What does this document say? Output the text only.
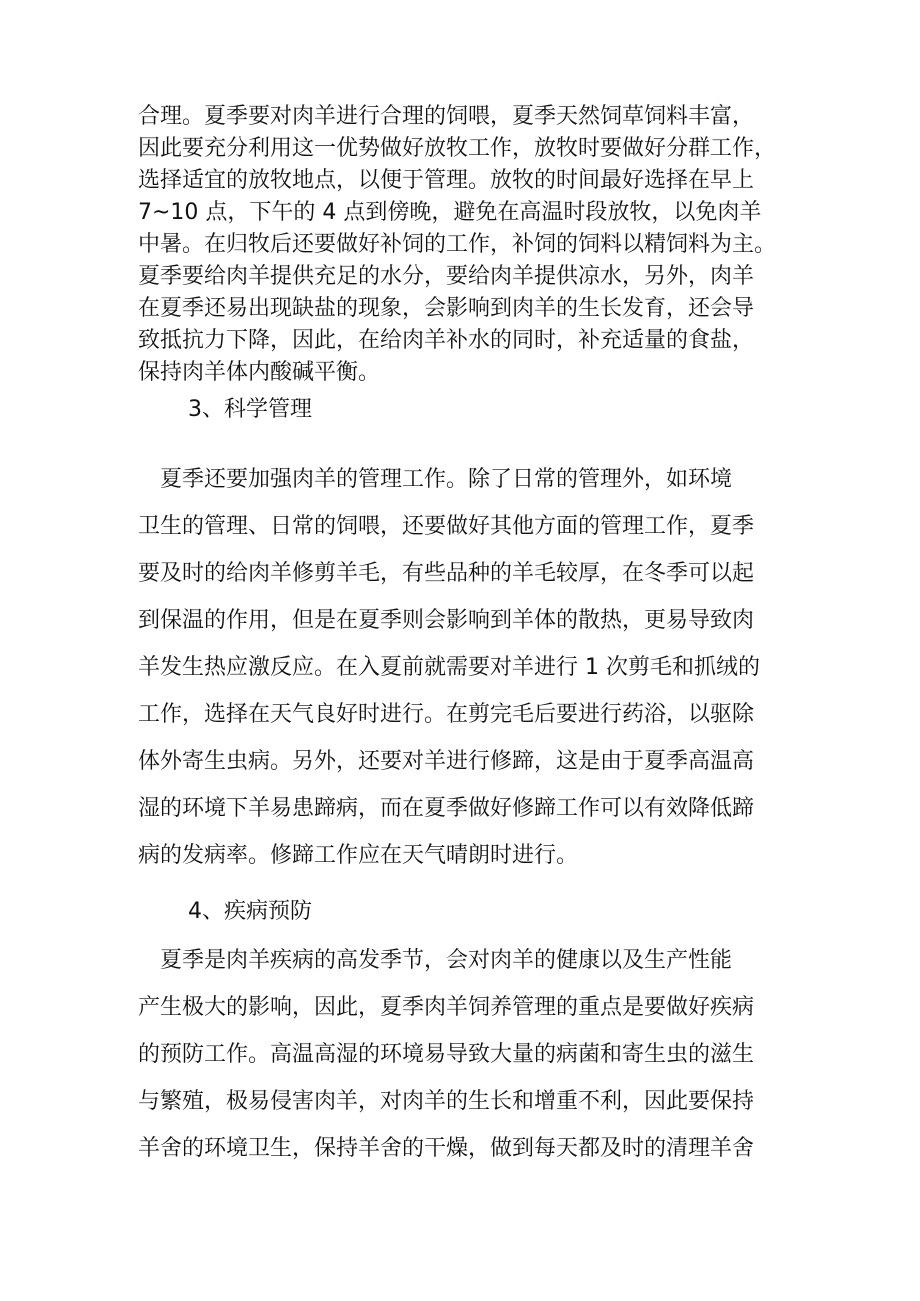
合理。夏季要对肉羊进行合理的饲喂，夏季天然饲草饲料丰富，

因此要充分利用这一优势做好放牧工作，放牧时要做好分群工作，

选择适宜的放牧地点，以便于管理。放牧的时间最好选择在早上

7~10 点，下午的 4 点到傍晚，避免在高温时段放牧，以免肉羊

中暑。在归牧后还要做好补饲的工作，补饲的饲料以精饲料为主。

夏季要给肉羊提供充足的水分，要给肉羊提供凉水，另外，肉羊

在夏季还易出现缺盐的现象，会影响到肉羊的生长发育，还会导

致抵抗力下降，因此，在给肉羊补水的同时，补充适量的食盐，

保持肉羊体内酸碱平衡。

3、科学管理

　夏季还要加强肉羊的管理工作。除了日常的管理外，如环境

卫生的管理、日常的饲喂，还要做好其他方面的管理工作，夏季

要及时的给肉羊修剪羊毛，有些品种的羊毛较厚，在冬季可以起

到保温的作用，但是在夏季则会影响到羊体的散热，更易导致肉

羊发生热应激反应。在入夏前就需要对羊进行 1 次剪毛和抓绒的

工作，选择在天气良好时进行。在剪完毛后要进行药浴，以驱除

体外寄生虫病。另外，还要对羊进行修蹄，这是由于夏季高温高

湿的环境下羊易患蹄病，而在夏季做好修蹄工作可以有效降低蹄

病的发病率。修蹄工作应在天气晴朗时进行。

4、疾病预防

　夏季是肉羊疾病的高发季节，会对肉羊的健康以及生产性能

产生极大的影响，因此，夏季肉羊饲养管理的重点是要做好疾病

的预防工作。高温高湿的环境易导致大量的病菌和寄生虫的滋生

与繁殖，极易侵害肉羊，对肉羊的生长和增重不利，因此要保持

羊舍的环境卫生，保持羊舍的干燥，做到每天都及时的清理羊舍
